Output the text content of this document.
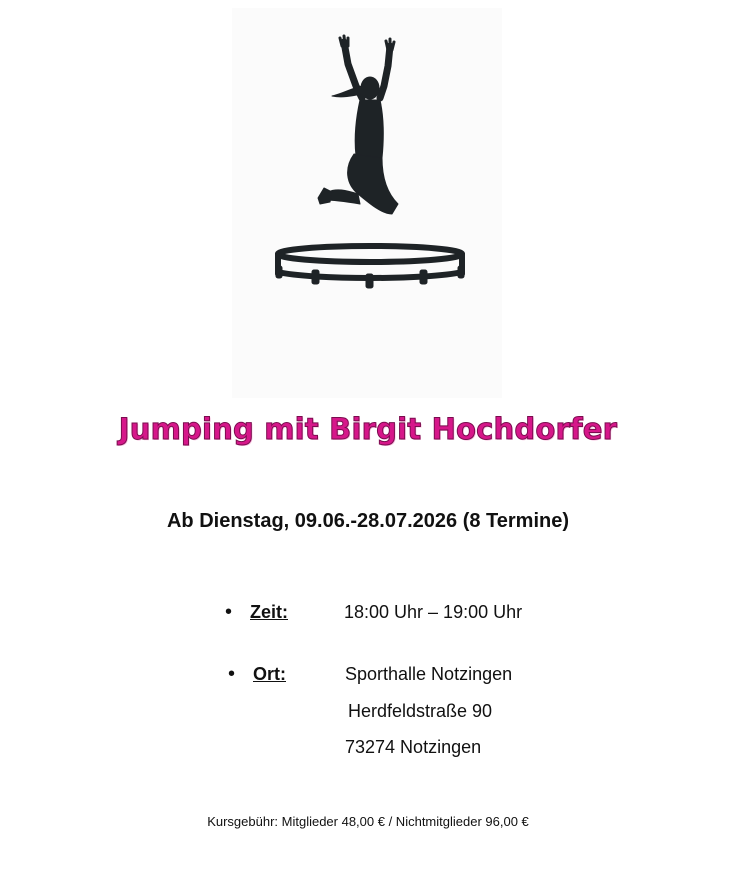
Jumping mit Birgit Hochdorfer
Ab Dienstag, 09.06.-28.07.2026 (8 Termine)
• Zeit:	18:00 Uhr – 19:00 Uhr
• Ort:	Sporthalle Notzingen
Herdfeldstraße 90
73274 Notzingen
Kursgebühr: Mitglieder 48,00 € / Nichtmitglieder 96,00 €
